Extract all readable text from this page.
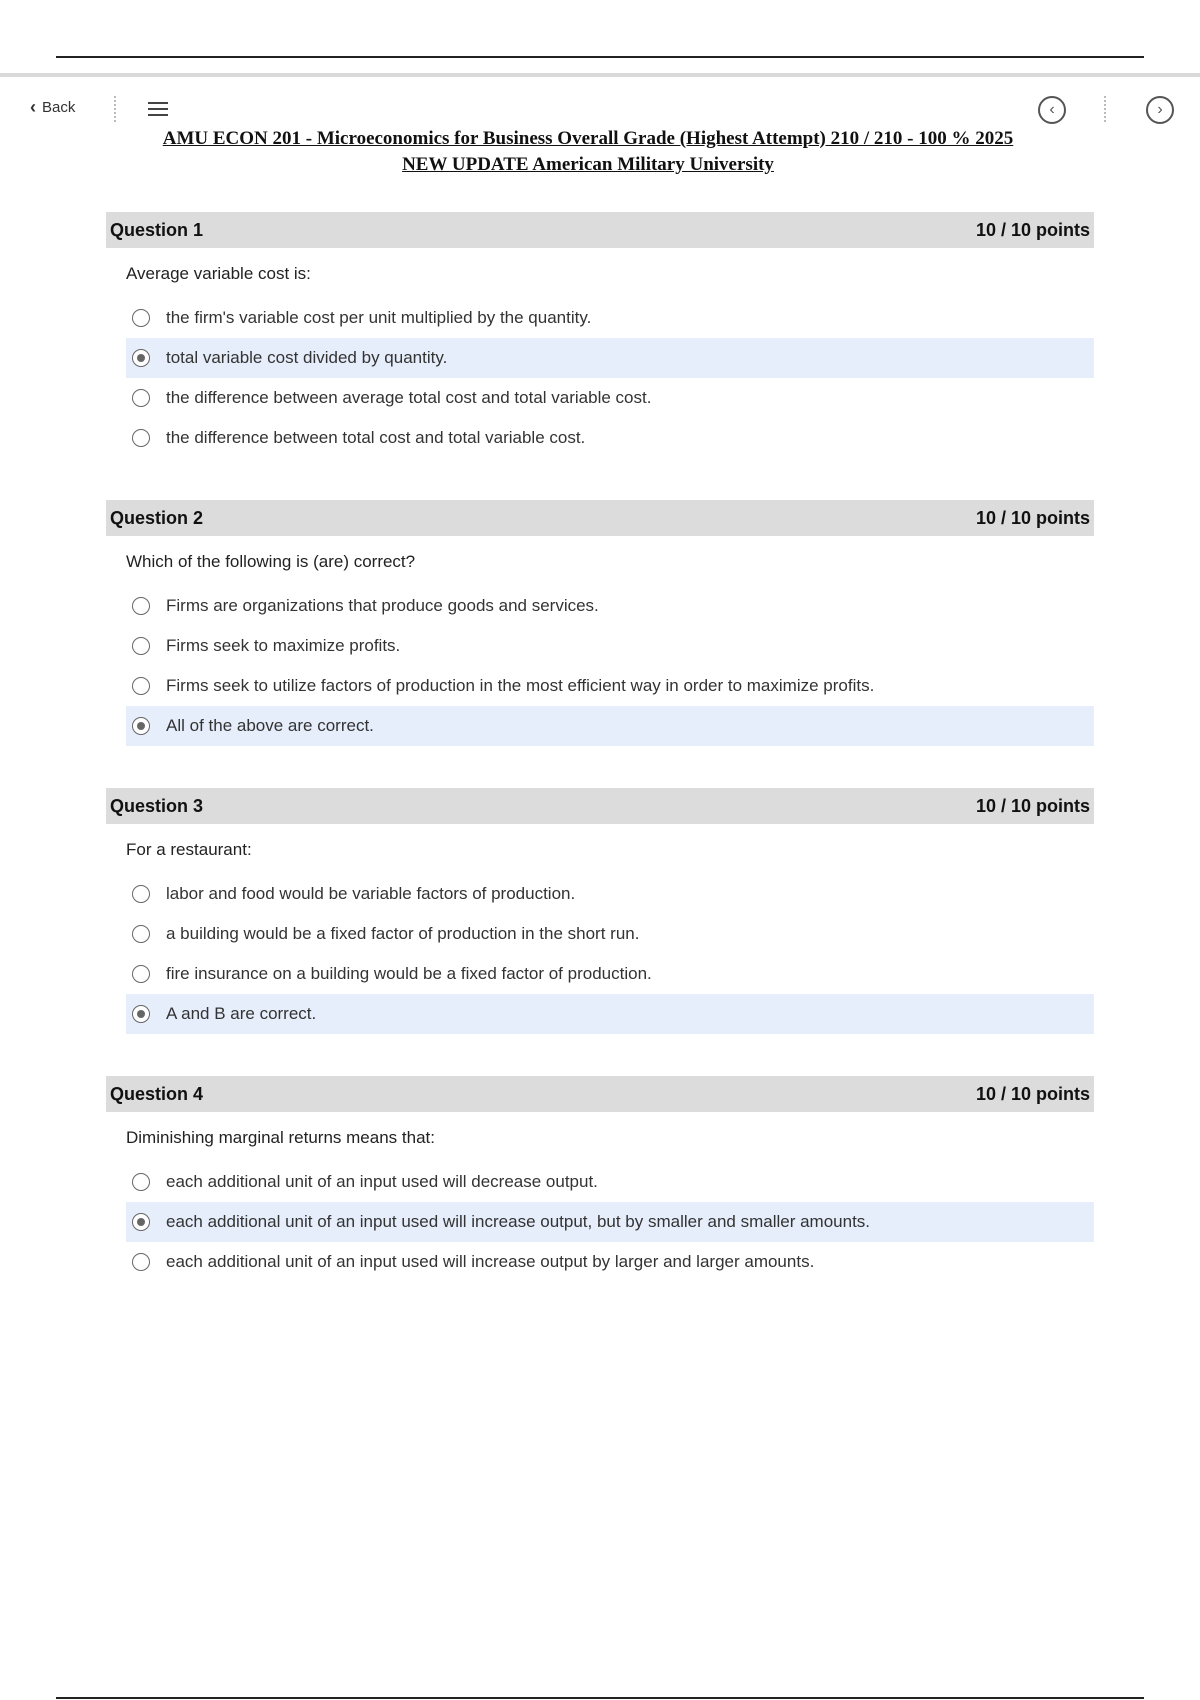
‹ Back	‹	›
AMU ECON 201 - Microeconomics for Business Overall Grade (Highest Attempt) 210 / 210 - 100 % 2025
NEW UPDATE American Military University
Question 1	10 / 10 points
Average variable cost is:
the firm's variable cost per unit multiplied by the quantity.
total variable cost divided by quantity.
the difference between average total cost and total variable cost.
the difference between total cost and total variable cost.
Question 2	10 / 10 points
Which of the following is (are) correct?
Firms are organizations that produce goods and services.
Firms seek to maximize profits.
Firms seek to utilize factors of production in the most efficient way in order to maximize profits.
All of the above are correct.
Question 3	10 / 10 points
For a restaurant:
labor and food would be variable factors of production.
a building would be a fixed factor of production in the short run.
fire insurance on a building would be a fixed factor of production.
A and B are correct.
Question 4	10 / 10 points
Diminishing marginal returns means that:
each additional unit of an input used will decrease output.
each additional unit of an input used will increase output, but by smaller and smaller amounts.
each additional unit of an input used will increase output by larger and larger amounts.
